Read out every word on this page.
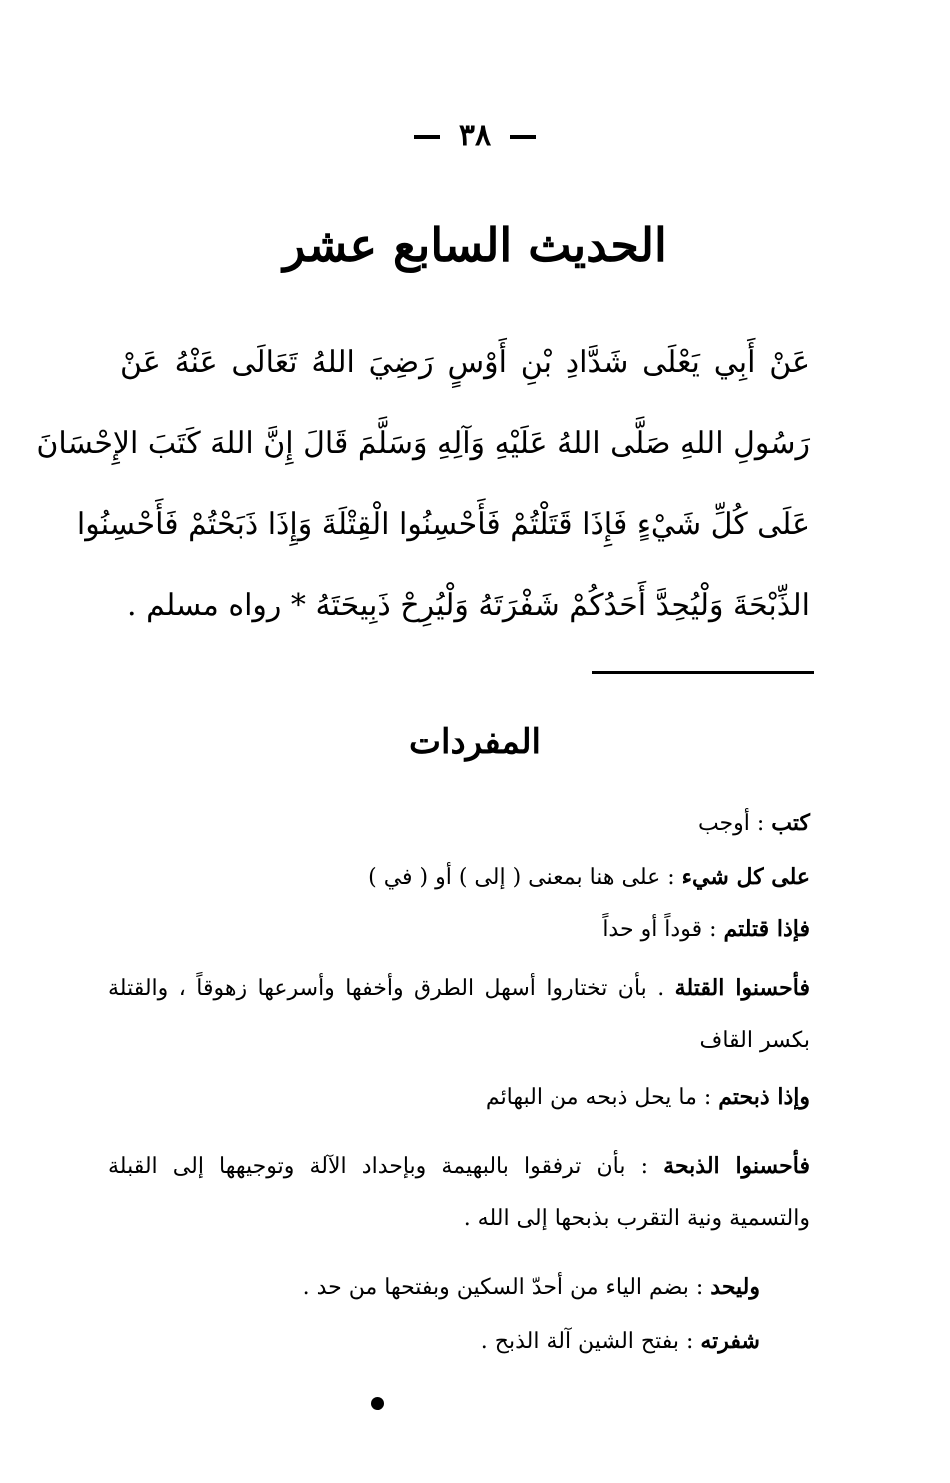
٣٨
الحديث السابع عشر
عَنْ أَبِي يَعْلَى شَدَّادِ بْنِ أَوْسٍ رَضِيَ اللهُ تَعَالَى عَنْهُ عَنْ
رَسُولِ اللهِ صَلَّى اللهُ عَلَيْهِ وَآلِهِ وَسَلَّمَ قَالَ إِنَّ اللهَ كَتَبَ الإِحْسَانَ
عَلَى كُلِّ شَيْءٍ فَإِذَا قَتَلْتُمْ فَأَحْسِنُوا الْقِتْلَةَ وَإِذَا ذَبَحْتُمْ فَأَحْسِنُوا
الذِّبْحَةَ وَلْيُحِدَّ أَحَدُكُمْ شَفْرَتَهُ وَلْيُرِحْ ذَبِيحَتَهُ * رواه مسلم .
المفردات
كتب : أوجب
على كل شيء : على هنا بمعنى ( إلى ) أو ( في )
فإذا قتلتم : قوداً أو حداً
فأحسنوا القتلة . بأن تختاروا أسهل الطرق وأخفها وأسرعها زهوقاً ، والقتلة بكسر القاف
وإذا ذبحتم : ما يحل ذبحه من البهائم
فأحسنوا الذبحة : بأن ترفقوا بالبهيمة وبإحداد الآلة وتوجيهها إلى القبلة والتسمية ونية التقرب بذبحها إلى الله .
وليحد : بضم الياء من أحدّ السكين وبفتحها من حد .
شفرته : بفتح الشين آلة الذبح .
